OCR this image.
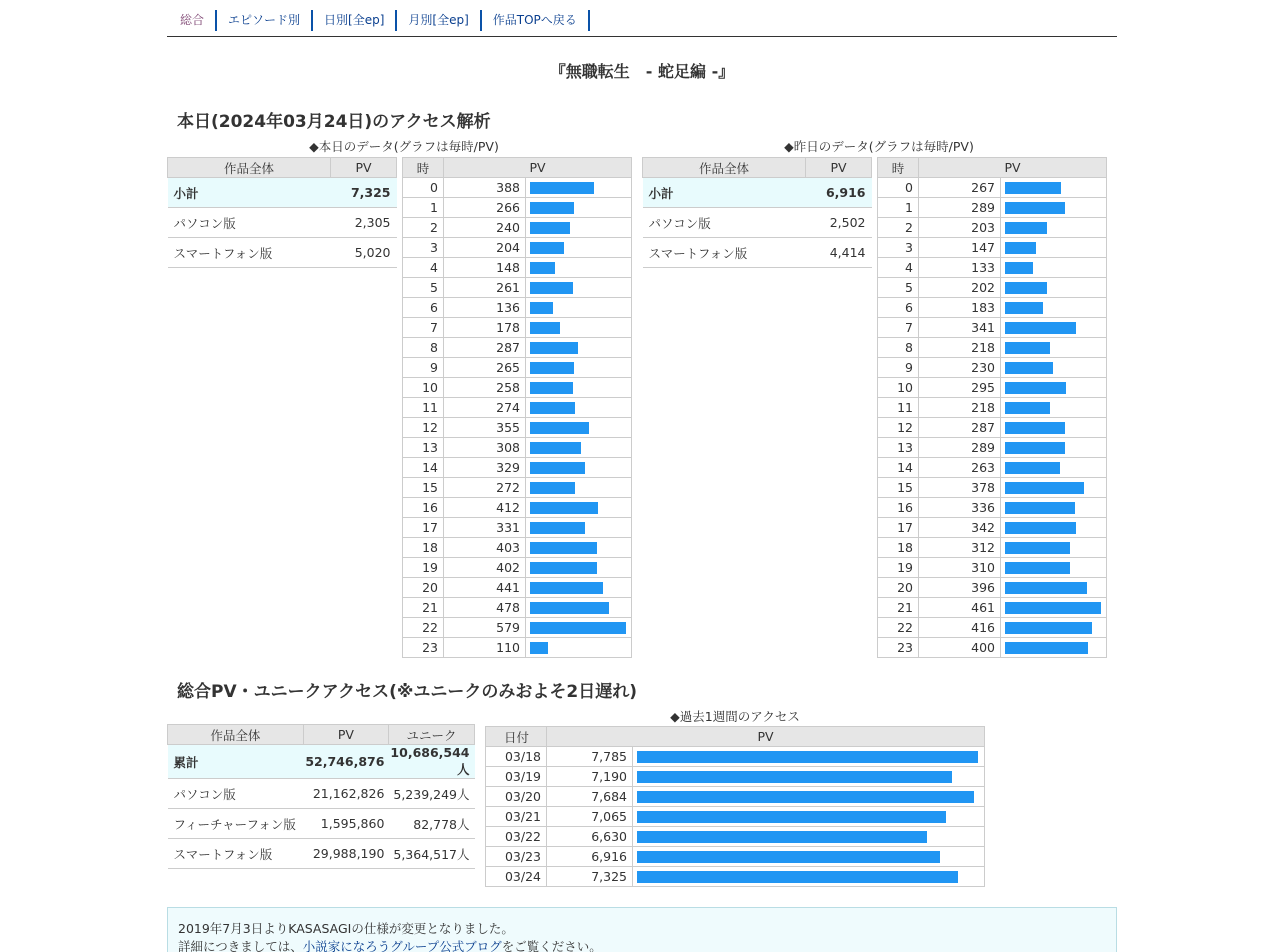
総合	エピソード別	日別[全ep]	月別[全ep]	作品TOPへ戻る
『無職転生　- 蛇足編 -』
本日(2024年03月24日)のアクセス解析
◆本日のデータ(グラフは毎時/PV)	◆昨日のデータ(グラフは毎時/PV)
作品全体	PV
小計	7,325
パソコン版	2,305
スマートフォン版	5,020
時	PV	
0	388	

1	266	

2	240	

3	204	

4	148	

5	261	

6	136	

7	178	

8	287	

9	265	

10	258	

11	274	

12	355	

13	308	

14	329	

15	272	

16	412	

17	331	

18	403	

19	402	

20	441	

21	478	

22	579	

23	110	
作品全体	PV
小計	6,916
パソコン版	2,502
スマートフォン版	4,414
時	PV	
0	267	

1	289	

2	203	

3	147	

4	133	

5	202	

6	183	

7	341	

8	218	

9	230	

10	295	

11	218	

12	287	

13	289	

14	263	

15	378	

16	336	

17	342	

18	312	

19	310	

20	396	

21	461	

22	416	

23	400	
総合PV・ユニークアクセス(※ユニークのみおよそ2日遅れ)
作品全体	PV	ユニーク
累計	52,746,876	10,686,544人
パソコン版	21,162,826	5,239,249人
フィーチャーフォン版	1,595,860	82,778人
スマートフォン版	29,988,190	5,364,517人
◆過去1週間のアクセス
日付	PV	
03/18	7,785	

03/19	7,190	

03/20	7,684	

03/21	7,065	

03/22	6,630	

03/23	6,916	

03/24	7,325	
2019年7月3日よりKASASAGIの仕様が変更となりました。
詳細につきましては、小説家になろうグループ公式ブログをご覧ください。
